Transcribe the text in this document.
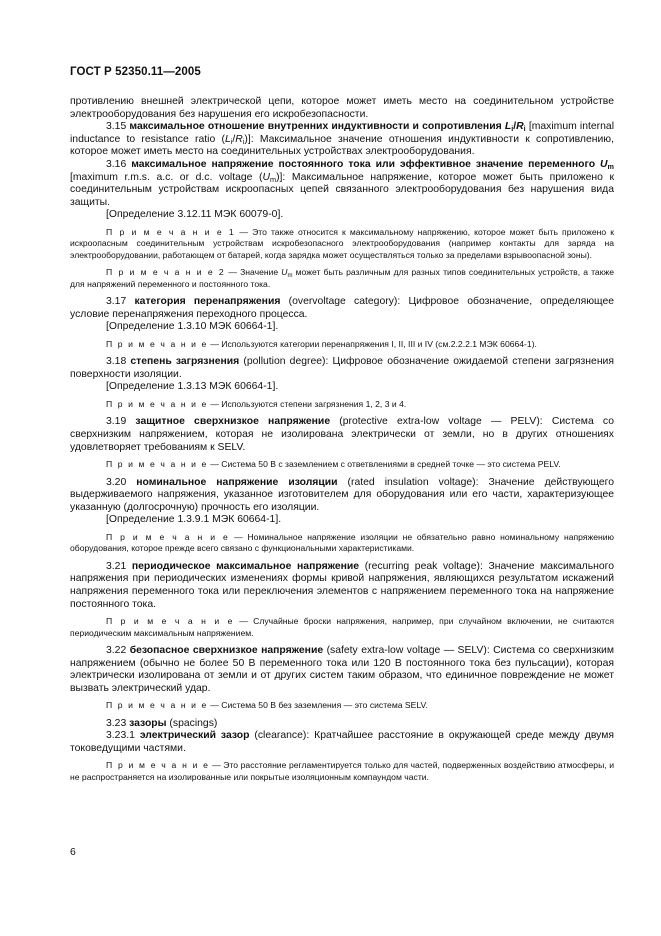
ГОСТ Р 52350.11—2005

противлению внешней электрической цепи, которое может иметь место на соединительном устройстве электрооборудования без нарушения его искробезопасности.

3.15 максимальное отношение внутренних индуктивности и сопротивления $L_i/R_i$ [maximum internal inductance to resistance ratio $(L_i/R_i)$]: Максимальное значение отношения индуктивности к сопротивлению, которое может иметь место на соединительных устройствах электрооборудования.

3.16 максимальное напряжение постоянного тока или эффективное значение переменного $U_m$ [maximum r.m.s. a.c. or d.c. voltage $(U_m)$]: Максимальное напряжение, которое может быть приложено к соединительным устройствам искроопасных цепей связанного электрооборудования без нарушения вида защиты.

[Определение 3.12.11 МЭК 60079-0].

П р и м е ч а н и е 1 — Это также относится к максимальному напряжению, которое может быть приложено к искроопасным соединительным устройствам искробезопасного электрооборудования (например контакты для заряда на электрооборудовании, работающем от батарей, когда зарядка может осуществляться только за пределами взрывоопасной зоны).

П р и м е ч а н и е 2 — Значение $U_m$ может быть различным для разных типов соединительных устройств, а также для напряжений переменного и постоянного тока.

3.17 категория перенапряжения (overvoltage category): Цифровое обозначение, определяющее условие перенапряжения переходного процесса.

[Определение 1.3.10 МЭК 60664-1].

П р и м е ч а н и е — Используются категории перенапряжения I, II, III и IV (см.2.2.2.1 МЭК 60664-1).

3.18 степень загрязнения (pollution degree): Цифровое обозначение ожидаемой степени загрязнения поверхности изоляции.

[Определение 1.3.13 МЭК 60664-1].

П р и м е ч а н и е — Используются степени загрязнения 1, 2, 3 и 4.

3.19 защитное сверхнизкое напряжение (protective extra-low voltage — PELV): Система со сверхнизким напряжением, которая не изолирована электрически от земли, но в других отношениях удовлетворяет требованиям к SELV.

П р и м е ч а н и е — Система 50 В с заземлением с ответвлениями в средней точке — это система PELV.

3.20 номинальное напряжение изоляции (rated insulation voltage): Значение действующего выдерживаемого напряжения, указанное изготовителем для оборудования или его части, характеризующее указанную (долгосрочную) прочность его изоляции.

[Определение 1.3.9.1 МЭК 60664-1].

П р и м е ч а н и е — Номинальное напряжение изоляции не обязательно равно номинальному напряжению оборудования, которое прежде всего связано с функциональными характеристиками.

3.21 периодическое максимальное напряжение (recurring peak voltage): Значение максимального напряжения при периодических изменениях формы кривой напряжения, являющихся результатом искажений напряжения переменного тока или переключения элементов с напряжением переменного тока на напряжение постоянного тока.

П р и м е ч а н и е — Случайные броски напряжения, например, при случайном включении, не считаются периодическим максимальным напряжением.

3.22 безопасное сверхнизкое напряжение (safety extra-low voltage — SELV): Система со сверхнизким напряжением (обычно не более 50 В переменного тока или 120 В постоянного тока без пульсации), которая электрически изолирована от земли и от других систем таким образом, что единичное повреждение не может вызвать электрический удар.

П р и м е ч а н и е — Система 50 В без заземления — это система SELV.

3.23 зазоры (spacings)

3.23.1 электрический зазор (clearance): Кратчайшее расстояние в окружающей среде между двумя токоведущими частями.

П р и м е ч а н и е — Это расстояние регламентируется только для частей, подверженных воздействию атмосферы, и не распространяется на изолированные или покрытые изоляционным компаундом части.

6
